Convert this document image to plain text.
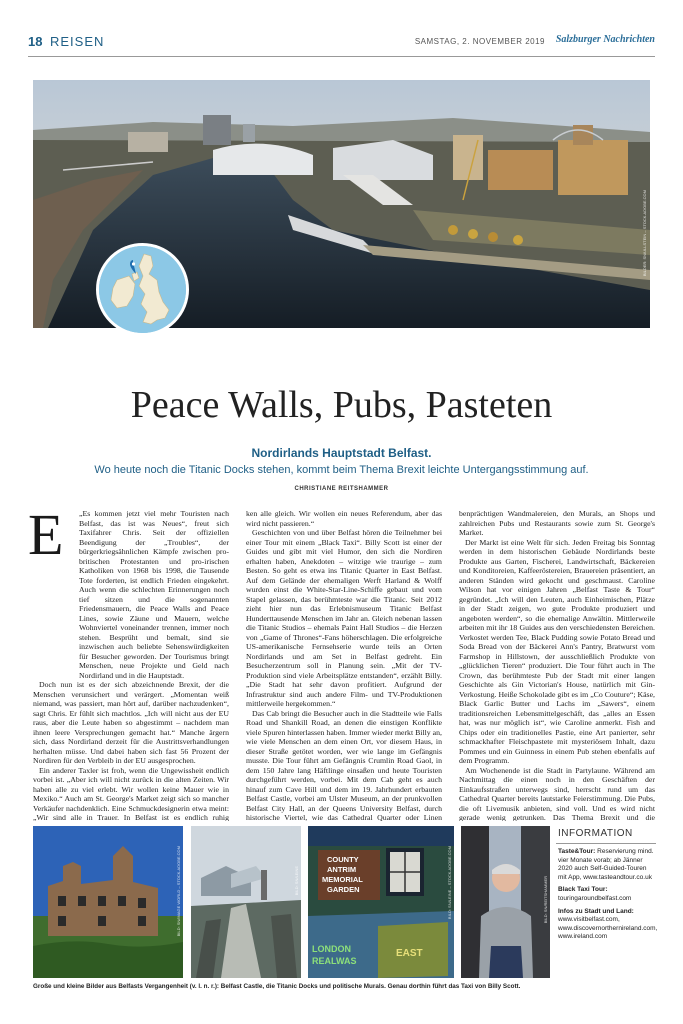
18 REISEN	SAMSTAG, 2. NOVEMBER 2019 Salzburger Nachrichten
BILDER: SN/ULLSTEIN – STOCK.ADOBE.COM
Peace Walls, Pubs, Pasteten
Nordirlands Hauptstadt Belfast.
Wo heute noch die Titanic Docks stehen, kommt beim Thema Brexit leichte Untergangsstimmung auf.
CHRISTIANE REITSHAMMER
E	„Es kommen jetzt viel mehr Touristen nach Belfast, das ist was Neues“, freut sich Taxifahrer Chris. Seit der offiziellen Beendigung der „Troubles“, der bürgerkriegsähnlichen Kämpfe zwischen pro-britischen Protestanten und pro-irischen Katholiken von 1968 bis 1998, die Tausende Tote forderten, ist endlich Frieden eingekehrt. Auch wenn die schlechten Erinnerungen noch tief sitzen und die sogenannten Friedensmauern, die Peace Walls and Peace Lines, sowie Zäune und Mauern, welche Wohnviertel voneinander trennen, immer noch stehen. Besprüht und bemalt, sind sie inzwischen auch beliebte Sehenswürdigkeiten für Besucher geworden. Der Tourismus bringt Menschen, neue Projekte und Geld nach Nordirland und in die Hauptstadt.

Doch nun ist es der sich abzeichnende Brexit, der die Menschen verunsichert und verärgert. „Momentan weiß niemand, was passiert, man hört auf, darüber nachzudenken“, sagt Chris. Er fühlt sich machtlos. „Ich will nicht aus der EU raus, aber die Leute haben so abgestimmt – nachdem man ihnen leere Versprechungen gemacht hat.“ Manche ärgern sich, dass Nordirland derzeit für die Austrittsverhandlungen herhalten müsse. Und dabei haben sich fast 56 Prozent der Nordiren für den Verbleib in der EU ausgesprochen.

Ein anderer Taxler ist froh, wenn die Ungewissheit endlich vorbei ist. „Aber ich will nicht zurück in die alten Zeiten. Wir haben alle zu viel erlebt. Wir wollen keine Mauer wie in Mexiko.“ Auch am St. George's Market zeigt sich so mancher Verkäufer nachdenklich. Eine Schmuckdesignerin etwa meint: „Wir sind alle in Trauer. In Belfast ist es endlich ruhig

ken alle gleich. Wir wollen ein neues Referendum, aber das wird nicht passieren.“

Geschichten von und über Belfast hören die Teilnehmer bei einer Tour mit einem „Black Taxi“. Billy Scott ist einer der Guides und gibt mit viel Humor, den sich die Nordiren erhalten haben, Anekdoten – witzige wie traurige – zum Besten. So geht es etwa ins Titanic Quarter in East Belfast. Auf dem Gelände der ehemaligen Werft Harland & Wolff wurden einst die White-Star-Line-Schiffe gebaut und vom Stapel gelassen, das berühmteste war die Titanic. Seit 2012 zieht hier nun das Erlebnismuseum Titanic Belfast Hunderttausende Menschen im Jahr an. Gleich nebenan lassen die Titanic Studios – ehemals Paint Hall Studios – die Herzen von „Game of Thrones“-Fans höherschlagen. Die erfolgreiche US-amerikanische Fernsehserie wurde teils an Orten Nordirlands und am Set in Belfast gedreht. Ein Besucherzentrum soll in Planung sein. „Mit der TV-Produktion sind viele Arbeitsplätze entstanden“, erzählt Billy. „Die Stadt hat sehr davon profitiert. Aufgrund der Infrastruktur sind auch andere Film- und TV-Produktionen mittlerweile hergekommen.“

Das Cab bringt die Besucher auch in die Stadtteile wie Falls Road und Shankill Road, an denen die einstigen Konflikte viele Spuren hinterlassen haben. Immer wieder merkt Billy an, wie viele Menschen an dem einen Ort, vor diesem Haus, in dieser Straße getötet worden, wer wie lange im Gefängnis musste. Die Tour führt am Gefängnis Crumlin Road Gaol, in dem 150 Jahre lang Häftlinge einsaßen und heute Touristen durchgeführt werden, vorbei. Mit dem Cab geht es auch hinauf zum Cave Hill und dem im 19. Jahrhundert erbauten Belfast Castle, vorbei am Ulster Museum, an der prunkvollen Belfast City Hall, an der Queens University Belfast, durch historische Viertel, wie das Cathedral Quarter oder Linen

benprächtigen Wandmalereien, den Murals, an Shops und zahlreichen Pubs und Restaurants sowie zum St. George's Market.

Der Markt ist eine Welt für sich. Jeden Freitag bis Sonntag werden in dem historischen Gebäude Nordirlands beste Produkte aus Garten, Fischerei, Landwirtschaft, Bäckereien und Konditoreien, Kaffeeröstereien, Brauereien präsentiert, an anderen Ständen wird gekocht und geschmaust. Caroline Wilson hat vor einigen Jahren „Belfast Taste & Tour“ gegründet. „Ich will den Leuten, auch Einheimischen, Plätze in der Stadt zeigen, wo gute Produkte produziert und angeboten werden“, so die ehemalige Anwältin. Mittlerweile arbeiten mit ihr 18 Guides aus den verschiedensten Bereichen. Verkostet werden Tee, Black Pudding sowie Potato Bread und Soda Bread von der Bäckerei Ann's Pantry, Bratwurst vom Farmshop in Hillstown, der ausschließlich Produkte von „glücklichen Tieren“ produziert. Die Tour führt auch in The Crown, das berühmteste Pub der Stadt mit einer langen Geschichte als Gin Victorian's House, natürlich mit Gin-Verkostung. Heiße Schokolade gibt es im „Co Couture“; Käse, Black Garlic Butter und Lachs im „Sawers“, einem traditionsreichen Lebensmittelgeschäft, das „alles an Essen hat, was nur möglich ist“, wie Caroline anmerkt. Fish and Chips oder ein traditionelles Pastie, eine Art panierter, sehr schmackhafter Fleischpastete mit mysteriösem Inhalt, dazu Pommes und ein Guinness in einem Pub stehen ebenfalls auf dem Programm.

Am Wochenende ist die Stadt in Partylaune. Während am Nachmittag die einen noch in den Geschäften der Einkaufsstraßen unterwegs sind, herrscht rund um das Cathedral Quarter bereits lautstarke Feierstimmung. Die Pubs, die oft Livemusik anbieten, sind voll. Und es wird nicht gerade wenig getrunken. Das Thema Brexit und die

BILD: SN/IMAGE WORLD – STOCK.ADOBE.COM	BILD: SN/LEINE
COUNTY
ANTRIM
MEMORIAL
GARDEN
LONDON
REALWAS
EAST
BILD: SN/LEINE – STOCK.ADOBE.COM	BILD: SN/REITSHAMMER
Große und kleine Bilder aus Belfasts Vergangenheit (v. l. n. r.): Belfast Castle, die Titanic Docks und politische Murals. Genau dorthin führt das Taxi von Billy Scott.
INFORMATION
Taste&Tour: Reservierung mind. vier Monate vorab; ab Jänner 2020 auch Self-Guided-Touren mit App, www.tasteandtour.co.uk
Black Taxi Tour:
touringaroundbelfast.com
Infos zu Stadt und Land:
www.visitbelfast.com, www.discovernorthernireland.com, www.ireland.com
